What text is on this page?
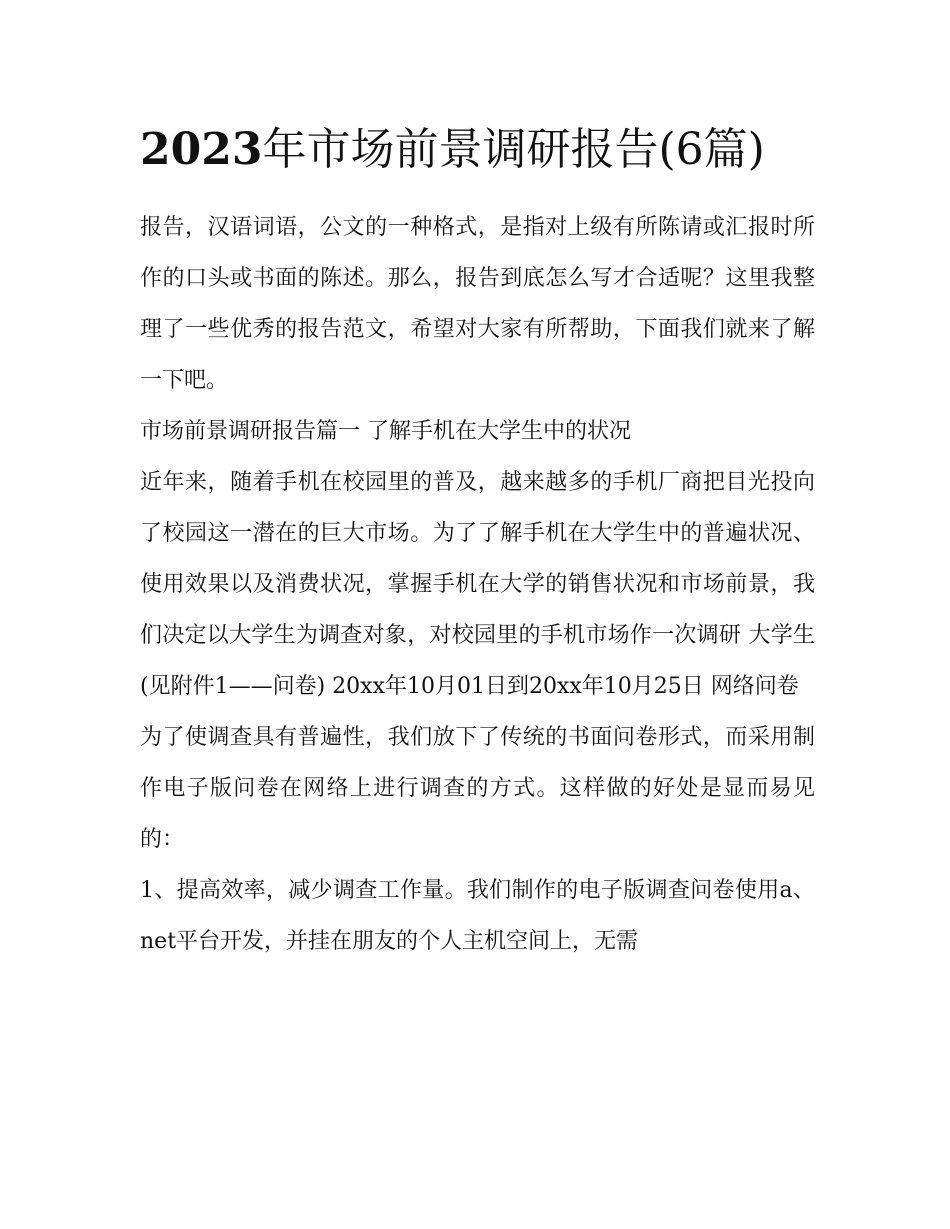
2023年市场前景调研报告(6篇)

报告，汉语词语，公文的一种格式，是指对上级有所陈请或汇报时所作的口头或书面的陈述。那么，报告到底怎么写才合适呢？这里我整理了一些优秀的报告范文，希望对大家有所帮助，下面我们就来了解一下吧。

市场前景调研报告篇一 了解手机在大学生中的状况

近年来，随着手机在校园里的普及，越来越多的手机厂商把目光投向了校园这一潜在的巨大市场。为了了解手机在大学生中的普遍状况、使用效果以及消费状况，掌握手机在大学的销售状况和市场前景，我们决定以大学生为调查对象，对校园里的手机市场作一次调研 大学生 (见附件1——问卷) 20xx年10月01日到20xx年10月25日 网络问卷

为了使调查具有普遍性，我们放下了传统的书面问卷形式，而采用制作电子版问卷在网络上进行调查的方式。这样做的好处是显而易见的：

1、提高效率，减少调查工作量。我们制作的电子版调查问卷使用a、net平台开发，并挂在朋友的个人主机空间上，无需
